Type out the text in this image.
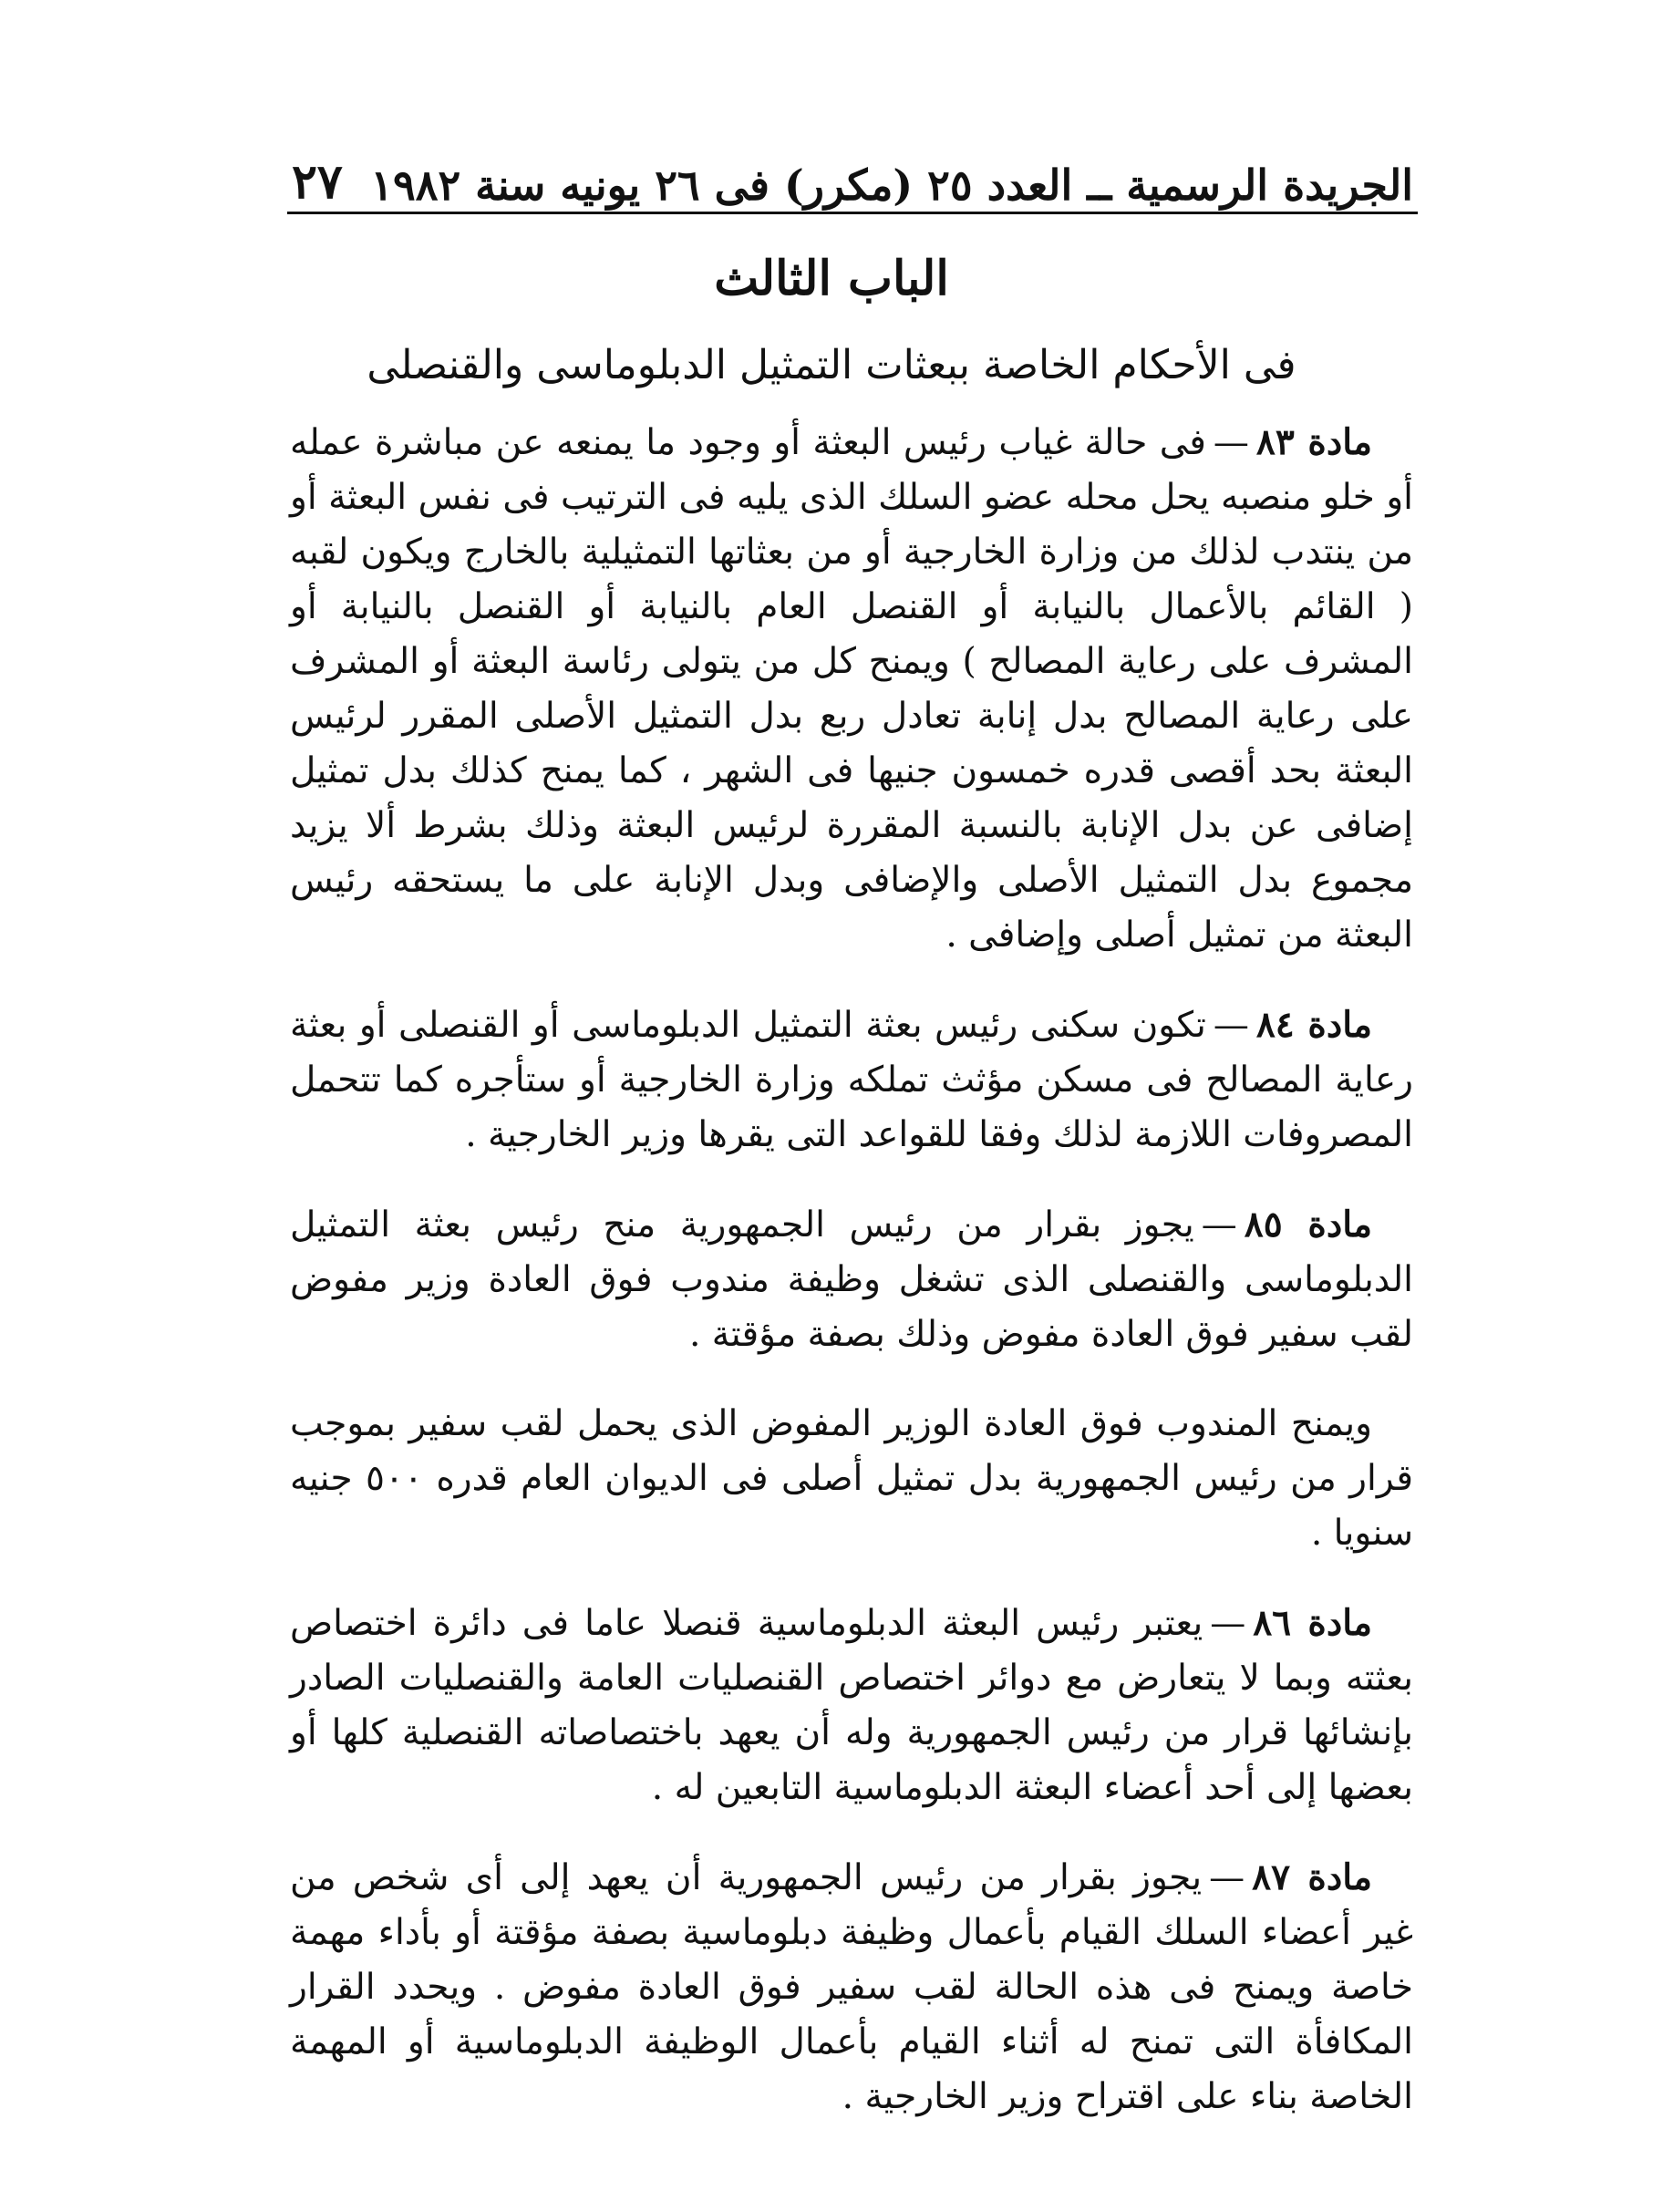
الجريدة الرسمية ــ العدد ٢٥ (مكرر) فى ٢٦ يونيه سنة ١٩٨٢
٢٧
الباب الثالث
فى الأحكام الخاصة ببعثات التمثيل الدبلوماسى والقنصلى

مادة ٨٣—فى حالة غياب رئيس البعثة أو وجود ما يمنعه عن مباشرة عمله أو خلو منصبه يحل محله عضو السلك الذى يليه فى الترتيب فى نفس البعثة أو من ينتدب لذلك من وزارة الخارجية أو من بعثاتها التمثيلية بالخارج ويكون لقبه ( القائم بالأعمال بالنيابة أو القنصل العام بالنيابة أو القنصل بالنيابة أو المشرف على رعاية المصالح ) ويمنح كل من يتولى رئاسة البعثة أو المشرف على رعاية المصالح بدل إنابة تعادل ربع بدل التمثيل الأصلى المقرر لرئيس البعثة بحد أقصى قدره خمسون جنيها فى الشهر ، كما يمنح كذلك بدل تمثيل إضافى عن بدل الإنابة بالنسبة المقررة لرئيس البعثة وذلك بشرط ألا يزيد مجموع بدل التمثيل الأصلى والإضافى وبدل الإنابة على ما يستحقه رئيس البعثة من تمثيل أصلى وإضافى .

مادة ٨٤—تكون سكنى رئيس بعثة التمثيل الدبلوماسى أو القنصلى أو بعثة رعاية المصالح فى مسكن مؤثث تملكه وزارة الخارجية أو ستأجره كما تتحمل المصروفات اللازمة لذلك وفقا للقواعد التى يقرها وزير الخارجية .

مادة ٨٥—يجوز بقرار من رئيس الجمهورية منح رئيس بعثة التمثيل الدبلوماسى والقنصلى الذى تشغل وظيفة مندوب فوق العادة وزير مفوض لقب سفير فوق العادة مفوض وذلك بصفة مؤقتة .

ويمنح المندوب فوق العادة الوزير المفوض الذى يحمل لقب سفير بموجب قرار من رئيس الجمهورية بدل تمثيل أصلى فى الديوان العام قدره ٥٠٠ جنيه سنويا .

مادة ٨٦—يعتبر رئيس البعثة الدبلوماسية قنصلا عاما فى دائرة اختصاص بعثته وبما لا يتعارض مع دوائر اختصاص القنصليات العامة والقنصليات الصادر بإنشائها قرار من رئيس الجمهورية وله أن يعهد باختصاصاته القنصلية كلها أو بعضها إلى أحد أعضاء البعثة الدبلوماسية التابعين له .

مادة ٨٧—يجوز بقرار من رئيس الجمهورية أن يعهد إلى أى شخص من غير أعضاء السلك القيام بأعمال وظيفة دبلوماسية بصفة مؤقتة أو بأداء مهمة خاصة ويمنح فى هذه الحالة لقب سفير فوق العادة مفوض . ويحدد القرار المكافأة التى تمنح له أثناء القيام بأعمال الوظيفة الدبلوماسية أو المهمة الخاصة بناء على اقتراح وزير الخارجية .
